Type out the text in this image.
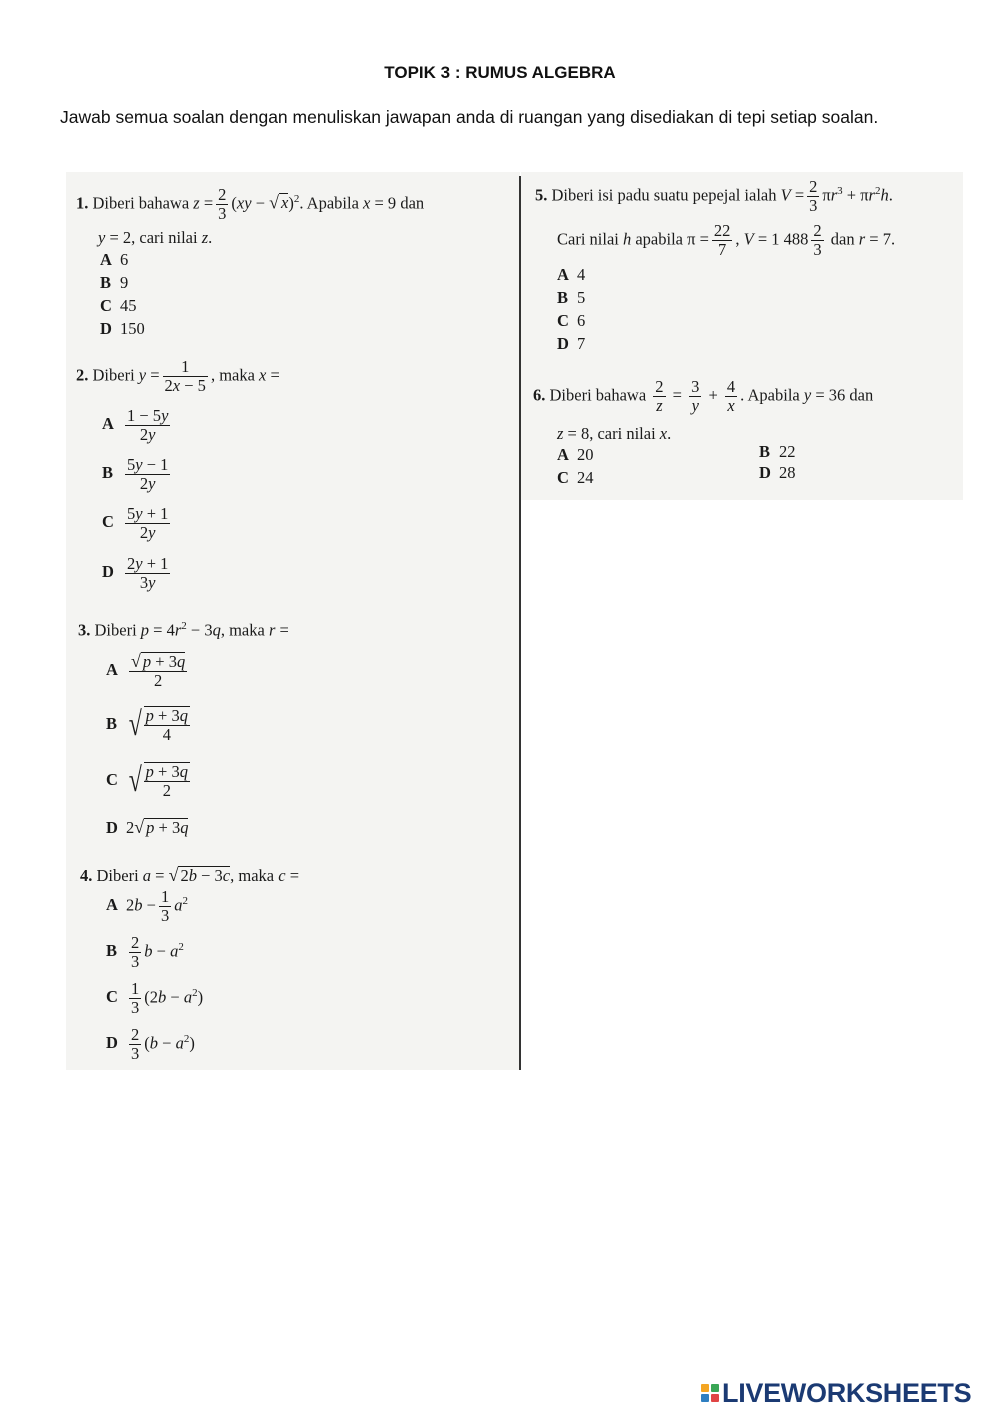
TOPIK 3 : RUMUS ALGEBRA
Jawab semua soalan dengan menuliskan jawapan anda di ruangan yang disediakan di tepi setiap soalan.
1. Diberi bahawa $z = \frac{2}{3} (xy$ − √ x)$^2$. Apabila x = 9 dan
y = 2, cari nilai z.
A 6
B 9
C 45
D 150
2. Diberi $y = \frac{1}{2x - 5}$ , maka x =
A $\frac{1 - 5y}{2y}$
B $\frac{5y - 1}{2y}$
C $\frac{5y + 1}{2y}$
D $\frac{2y + 1}{3y}$
3. Diberi $p = 4r^2 - 3q$, maka r =
A $\frac{√ p + 3q}{2}$
B √ $\frac{p + 3q}{4}$
C √ $\frac{p + 3q}{2}$
D 2√ p + 3q
4. Diberi a = √ 2b − 3c, maka c =
A $2b - \frac{1}{3} a^2$
B $\frac{2}{3}$ $b - a^2$
C $\frac{1}{3} (2b - a^2)$
D $\frac{2}{3} (b - a^2)$
5. Diberi isi padu suatu pepejal ialah $V = \frac{2}{3} \pi r^3 + \pi r^2h$.
Cari nilai h apabila $\pi = \frac{22}{7}$ , V = 1 $488 \frac{2}{3}$ dan r = 7.
A 4
B 5
C 6
D 7
6. Diberi bahawa $\frac{2}{z} = \frac{3}{y} + \frac{4}{x}$ . Apabila y = 36 dan
z = 8, cari nilai x.
A 20	B 22
C 24	D 28
LIVEWORKSHEETS
